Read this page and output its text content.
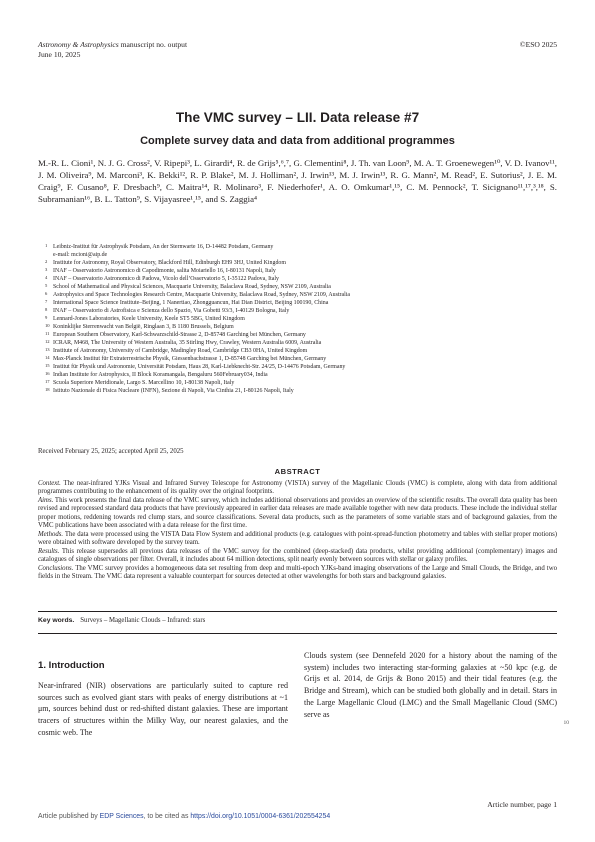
Astronomy & Astrophysics manuscript no. output
June 10, 2025
©ESO 2025
The VMC survey – LII. Data release #7
Complete survey data and data from additional programmes
M.-R. L. Cioni¹, N. J. G. Cross², V. Ripepi³, L. Girardi⁴, R. de Grijs⁵,⁶,⁷, G. Clementini⁸, J. Th. van Loon⁹, M. A. T. Groenewegen¹⁰, V. D. Ivanov¹¹, J. M. Oliveira⁹, M. Marconi³, K. Bekki¹², R. P. Blake², M. J. Holliman², J. Irwin¹³, M. J. Irwin¹³, R. G. Mann², M. Read², E. Sutorius², J. E. M. Craig⁹, F. Cusano⁸, F. Dresbach⁹, C. Maitra¹⁴, R. Molinaro³, F. Niederhofer¹, A. O. Omkumar¹,¹⁵, C. M. Pennock², T. Sicignano¹¹,¹⁷,³,¹⁸, S. Subramanian¹⁶, B. L. Tatton⁹, S. Vijayasree¹,¹⁵, and S. Zaggia⁴
1 Leibniz-Institut für Astrophysik Potsdam, An der Sternwarte 16, D-14482 Potsdam, Germany
e-mail: mcioni@aip.de
2 Institute for Astronomy, Royal Observatory, Blackford Hill, Edinburgh EH9 3HJ, United Kingdom
3 INAF – Osservatorio Astronomico di Capodimonte, salita Moiariello 16, I-80131 Napoli, Italy
4 INAF – Osservatorio Astronomico di Padova, Vicolo dell’Osservatorio 5, I-35122 Padova, Italy
5 School of Mathematical and Physical Sciences, Macquarie University, Balaclava Road, Sydney, NSW 2109, Australia
6 Astrophysics and Space Technologies Research Centre, Macquarie University, Balaclava Road, Sydney, NSW 2109, Australia
7 International Space Science Institute–Beijing, 1 Nanertiao, Zhongguancun, Hai Dian District, Beijing 100190, China
8 INAF – Osservatorio di Astrofisica e Scienza dello Spazio, Via Gobetti 93/3, I-40129 Bologna, Italy
9 Lennard-Jones Laboratories, Keele University, Keele ST5 5BG, United Kingdom
10 Koninklijke Sterrenwacht van België, Ringlaan 3, B 1180 Brussels, Belgium
11 European Southern Observatory, Karl-Schwarzschild-Strasse 2, D-85748 Garching bei München, Germany
12 ICRAR, M468, The University of Western Australia, 35 Stirling Hwy, Crawley, Western Australia 6009, Australia
13 Institute of Astronomy, University of Cambridge, Madingley Road, Cambridge CB3 0HA, United Kingdom
14 Max-Planck Institut für Extraterrestrische Physik, Giessenbachstrasse 1, D-85748 Garching bei München, Germany
15 Institut für Physik und Astronomie, Universität Potsdam, Haus 28, Karl-Liebknecht-Str. 24/25, D-14476 Potsdam, Germany
16 Indian Institute for Astrophysics, II Block Koramangala, Bengaluru 560February034, India
17 Scuola Superiore Meridionale, Largo S. Marcellino 10, I-80138 Napoli, Italy
18 Istituto Nazionale di Fisica Nucleare (INFN), Sezione di Napoli, Via Cinthia 21, I-80126 Napoli, Italy
Received February 25, 2025; accepted April 25, 2025
ABSTRACT

Context. The near-infrared YJKs Visual and Infrared Survey Telescope for Astronomy (VISTA) survey of the Magellanic Clouds (VMC) is complete, along with data from additional programmes contributing to the enhancement of its quality over the original footprints.

Aims. This work presents the final data release of the VMC survey, which includes additional observations and provides an overview of the scientific results. The overall data quality has been revised and reprocessed standard data products that have previously appeared in earlier data releases are made available together with new data products. These include the individual stellar proper motions, reddening towards red clump stars, and source classifications. Several data products, such as the parameters of some variable stars and of background galaxies, from the VMC publications have been associated with a data release for the first time.

Methods. The data were processed using the VISTA Data Flow System and additional products (e.g. catalogues with point-spread-function photometry and tables with stellar proper motions) were obtained with software developed by the survey team.

Results. This release supersedes all previous data releases of the VMC survey for the combined (deep-stacked) data products, whilst providing additional (complementary) images and catalogues of single observations per filter. Overall, it includes about 64 million detections, split nearly evenly between sources with stellar or galaxy profiles.

Conclusions. The VMC survey provides a homogeneous data set resulting from deep and multi-epoch YJKs-band imaging observations of the Large and Small Clouds, the Bridge, and two fields in the Stream. The VMC data represent a valuable counterpart for sources detected at other wavelengths for both stars and background galaxies.

Key words. Surveys – Magellanic Clouds – Infrared: stars
1. Introduction
Near-infrared (NIR) observations are particularly suited to capture red sources such as evolved giant stars with peaks of energy distributions at ~1 μm, sources behind dust or red-shifted distant galaxies. These are important tracers of structures within the Milky Way, our nearest galaxies, and the cosmic web. The
Clouds system (see Dennefeld 2020 for a history about the naming of the system) includes two interacting star-forming galaxies at ~50 kpc (e.g. de Grijs et al. 2014, de Grijs & Bono 2015) and their tidal features (e.g. the Bridge and Stream), which can be studied both globally and in detail. Stars in the Large Magellanic Cloud (LMC) and the Small Magellanic Cloud (SMC) serve as
10
Article number, page 1
Article published by EDP Sciences, to be cited as https://doi.org/10.1051/0004-6361/202554254
